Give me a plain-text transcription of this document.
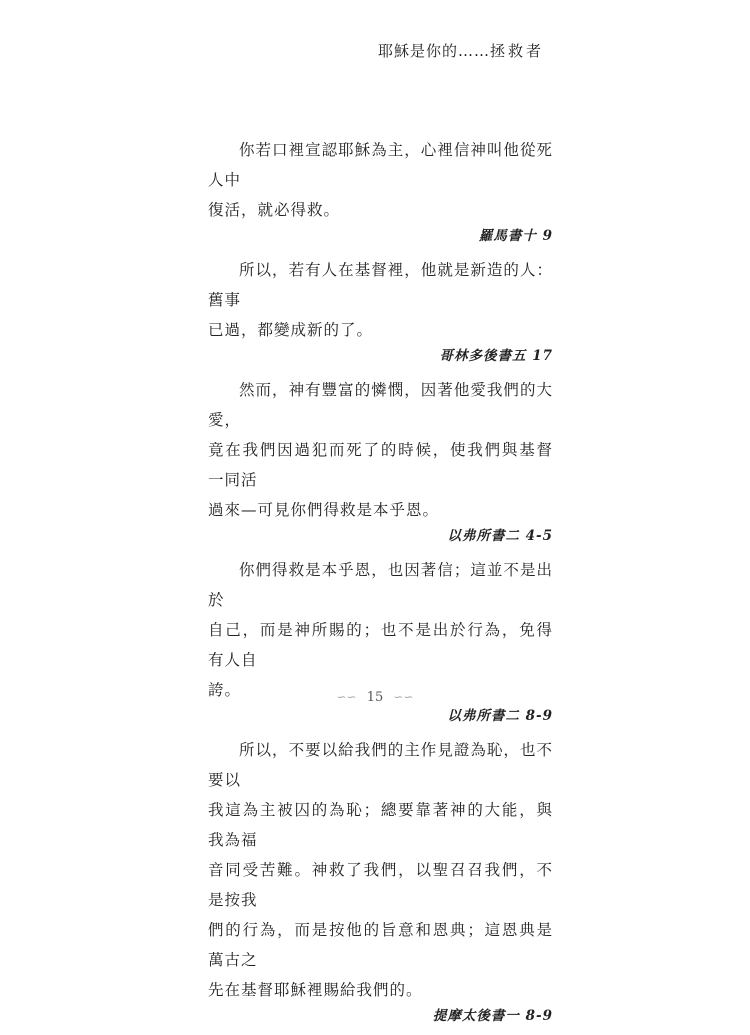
耶穌是你的……拯救者

你若口裡宣認耶穌為主，心裡信神叫他從死人中
復活，就必得救。

羅馬書十 9

所以，若有人在基督裡，他就是新造的人：舊事
已過，都變成新的了。

哥林多後書五 17

然而，神有豐富的憐憫，因著他愛我們的大愛，
竟在我們因過犯而死了的時候，使我們與基督一同活
過來—可見你們得救是本乎恩。

以弗所書二 4-5

你們得救是本乎恩，也因著信；這並不是出於
自己，而是神所賜的；也不是出於行為，免得有人自
誇。

以弗所書二 8-9

所以，不要以給我們的主作見證為恥，也不要以
我這為主被囚的為恥；總要靠著神的大能，與我為福
音同受苦難。神救了我們，以聖召召我們，不是按我
們的行為，而是按他的旨意和恩典；這恩典是萬古之
先在基督耶穌裡賜給我們的。

提摩太後書一 8-9

∽∽ 15 ∽∽
